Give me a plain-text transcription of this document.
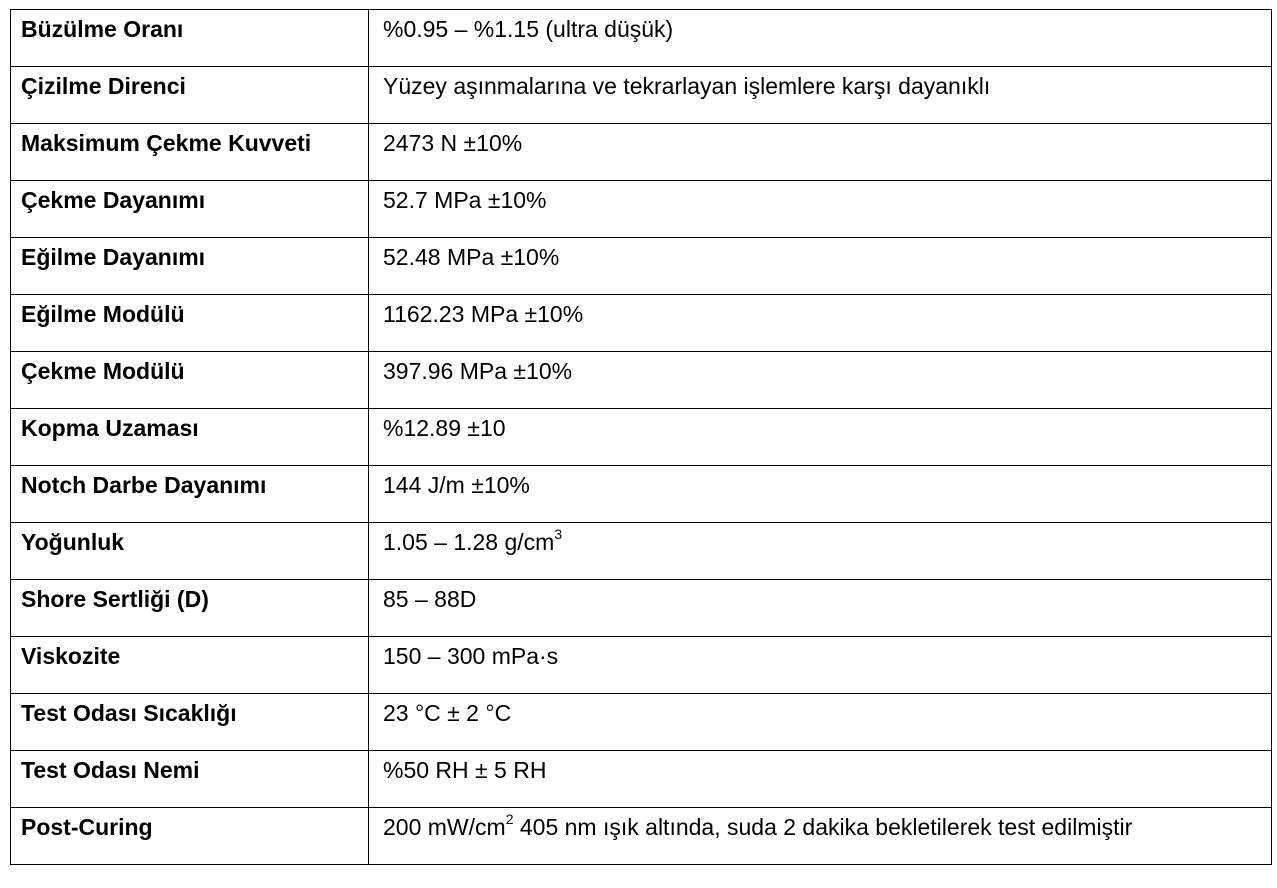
Büzülme Oranı	%0.95 – %1.15 (ultra düşük)
Çizilme Direnci	Yüzey aşınmalarına ve tekrarlayan işlemlere karşı dayanıklı
Maksimum Çekme Kuvveti	2473 N ±10%
Çekme Dayanımı	52.7 MPa ±10%
Eğilme Dayanımı	52.48 MPa ±10%
Eğilme Modülü	1162.23 MPa ±10%
Çekme Modülü	397.96 MPa ±10%
Kopma Uzaması	%12.89 ±10
Notch Darbe Dayanımı	144 J/m ±10%
Yoğunluk	1.05 – 1.28 $g/cm^3$
Shore Sertliği (D)	85 – 88D
Viskozite	150 – 300 mPa·s
Test Odası Sıcaklığı	23 °C ± 2 °C
Test Odası Nemi	%50 RH ± 5 RH
Post-Curing	200 $mW/cm^2$ 405 nm ışık altında, suda 2 dakika bekletilerek test edilmiştir
